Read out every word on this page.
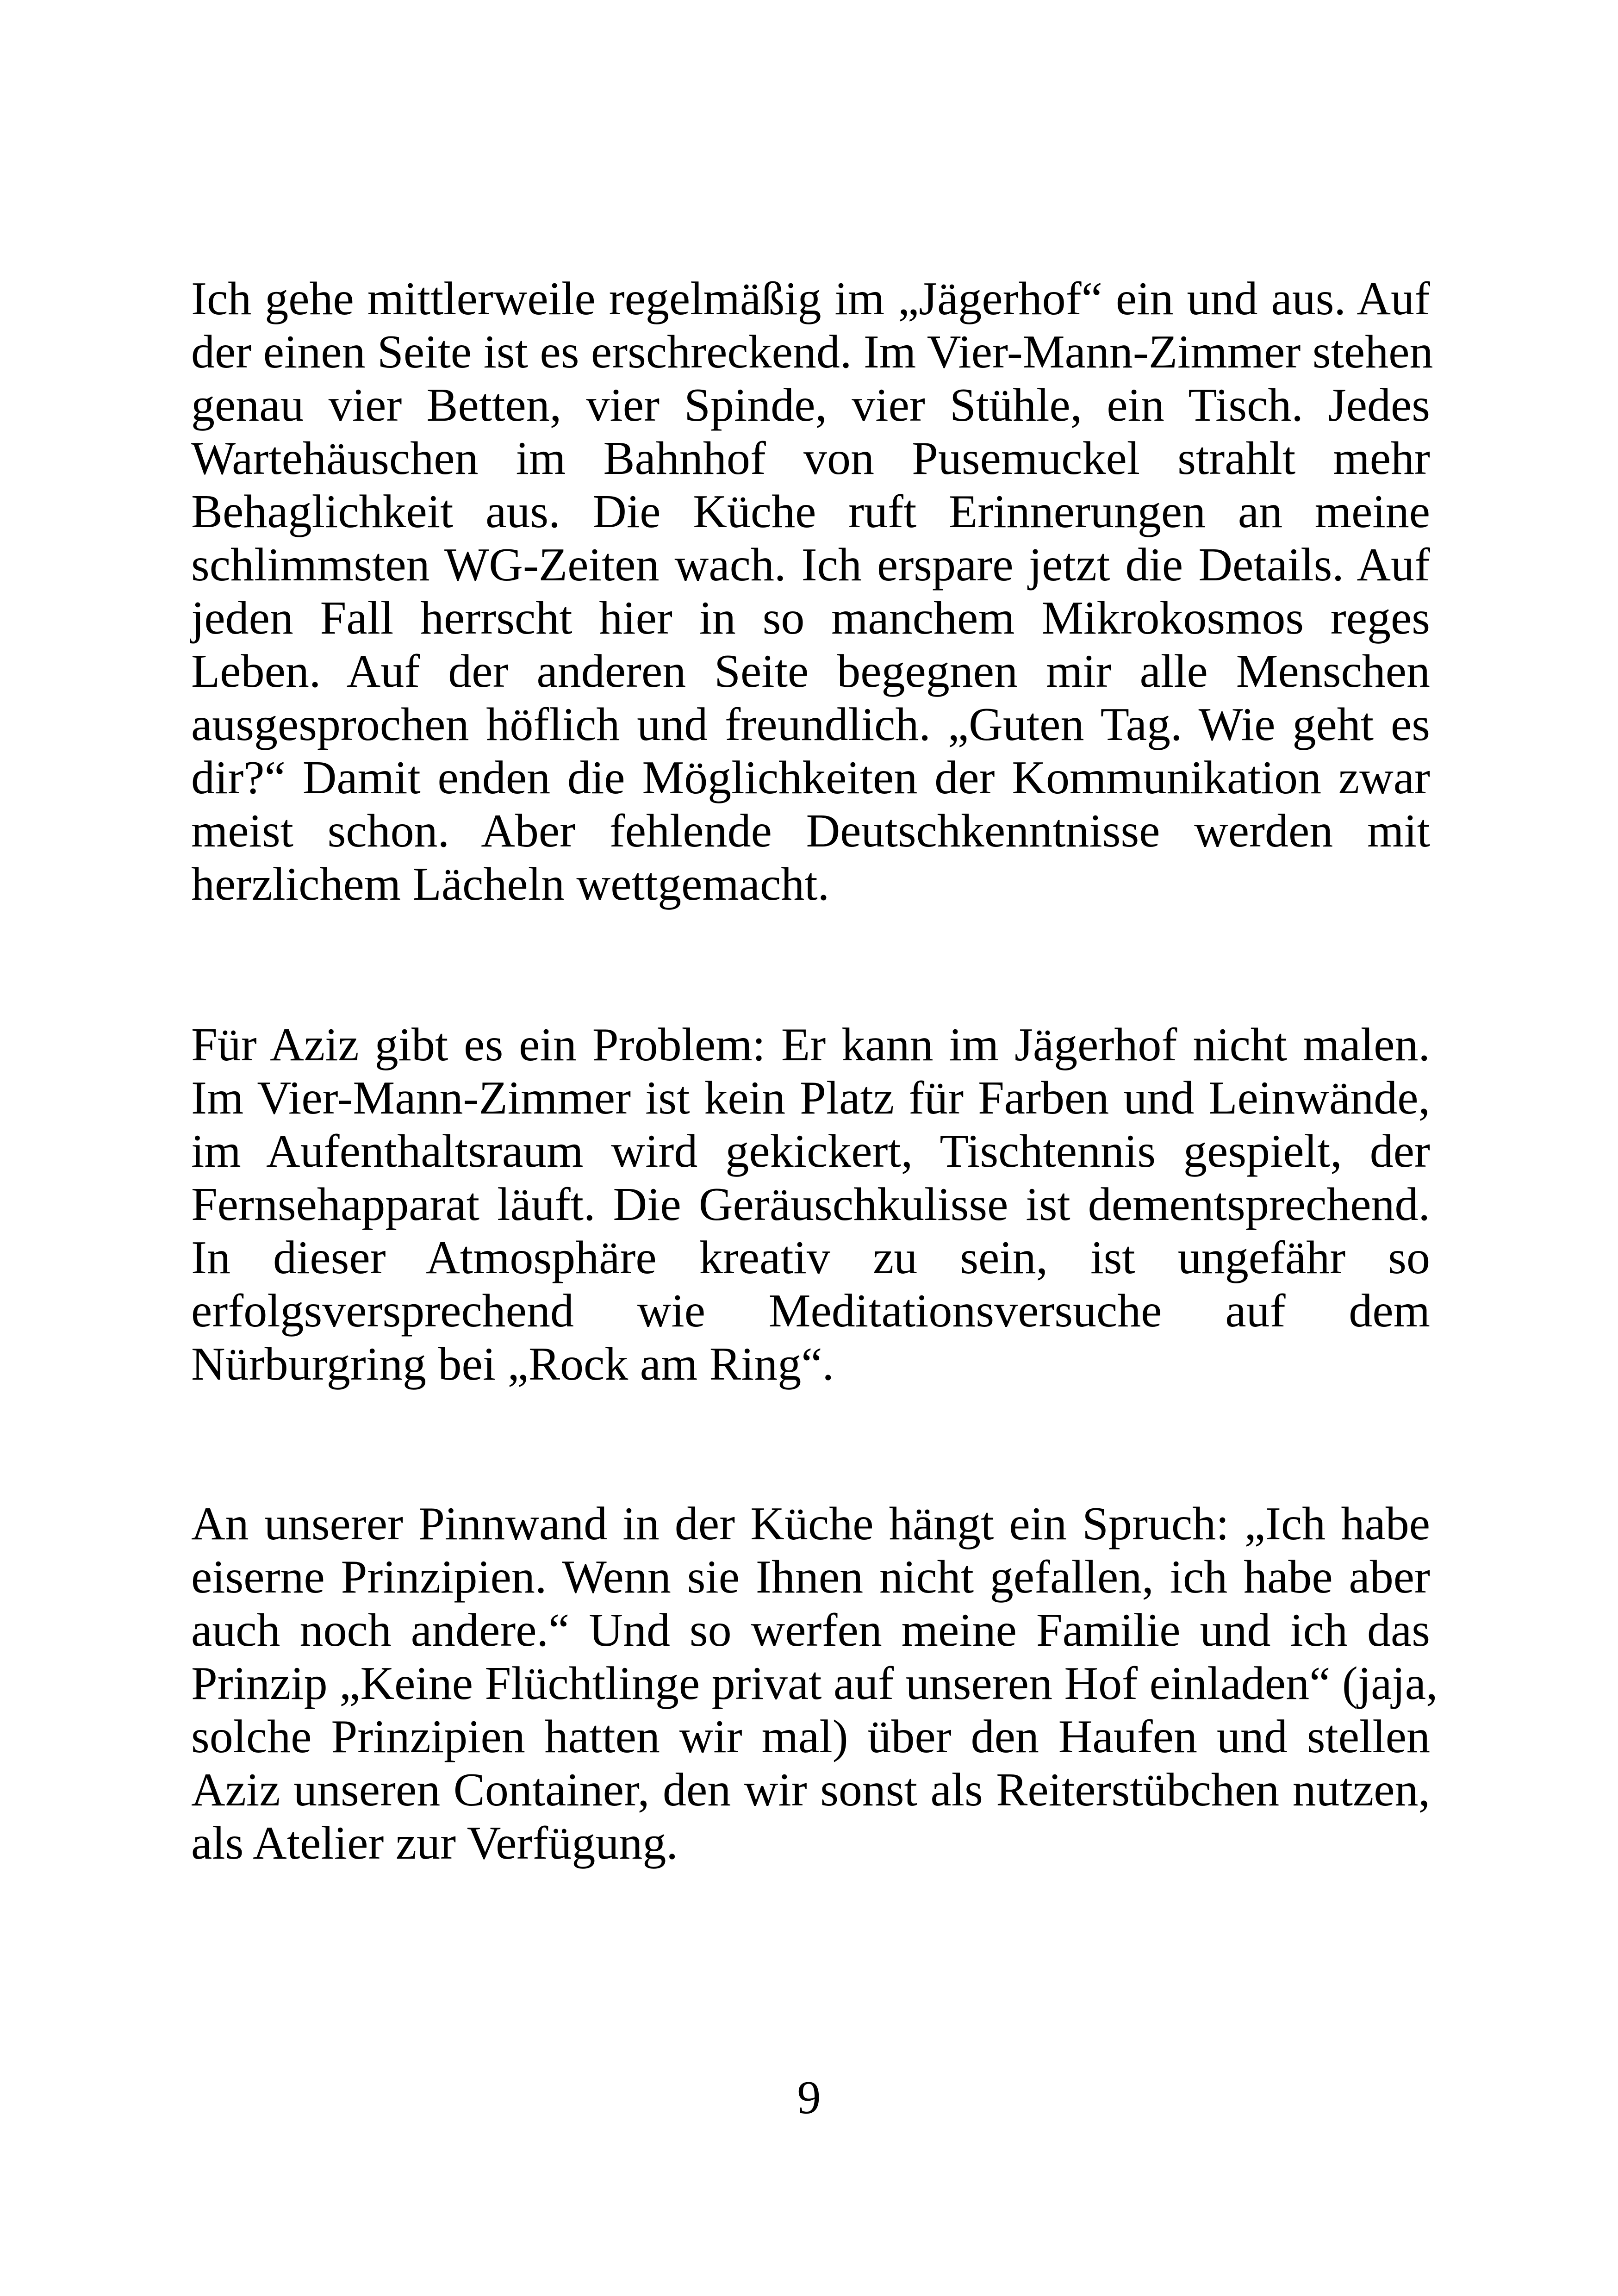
Ich gehe mittlerweile regelmäßig im „Jägerhof“ ein und aus. Auf
der einen Seite ist es erschreckend. Im Vier-Mann-Zimmer stehen
genau vier Betten, vier Spinde, vier Stühle, ein Tisch. Jedes
Wartehäuschen im Bahnhof von Pusemuckel strahlt mehr
Behaglichkeit aus. Die Küche ruft Erinnerungen an meine
schlimmsten WG-Zeiten wach. Ich erspare jetzt die Details. Auf
jeden Fall herrscht hier in so manchem Mikrokosmos reges
Leben. Auf der anderen Seite begegnen mir alle Menschen
ausgesprochen höflich und freundlich. „Guten Tag. Wie geht es
dir?“ Damit enden die Möglichkeiten der Kommunikation zwar
meist schon. Aber fehlende Deutschkenntnisse werden mit
herzlichem Lächeln wettgemacht.
Für Aziz gibt es ein Problem: Er kann im Jägerhof nicht malen.
Im Vier-Mann-Zimmer ist kein Platz für Farben und Leinwände,
im Aufenthaltsraum wird gekickert, Tischtennis gespielt, der
Fernsehapparat läuft. Die Geräuschkulisse ist dementsprechend.
In dieser Atmosphäre kreativ zu sein, ist ungefähr so
erfolgsversprechend wie Meditationsversuche auf dem
Nürburgring bei „Rock am Ring“.
An unserer Pinnwand in der Küche hängt ein Spruch: „Ich habe
eiserne Prinzipien. Wenn sie Ihnen nicht gefallen, ich habe aber
auch noch andere.“ Und so werfen meine Familie und ich das
Prinzip „Keine Flüchtlinge privat auf unseren Hof einladen“ (jaja,
solche Prinzipien hatten wir mal) über den Haufen und stellen
Aziz unseren Container, den wir sonst als Reiterstübchen nutzen,
als Atelier zur Verfügung.
9
